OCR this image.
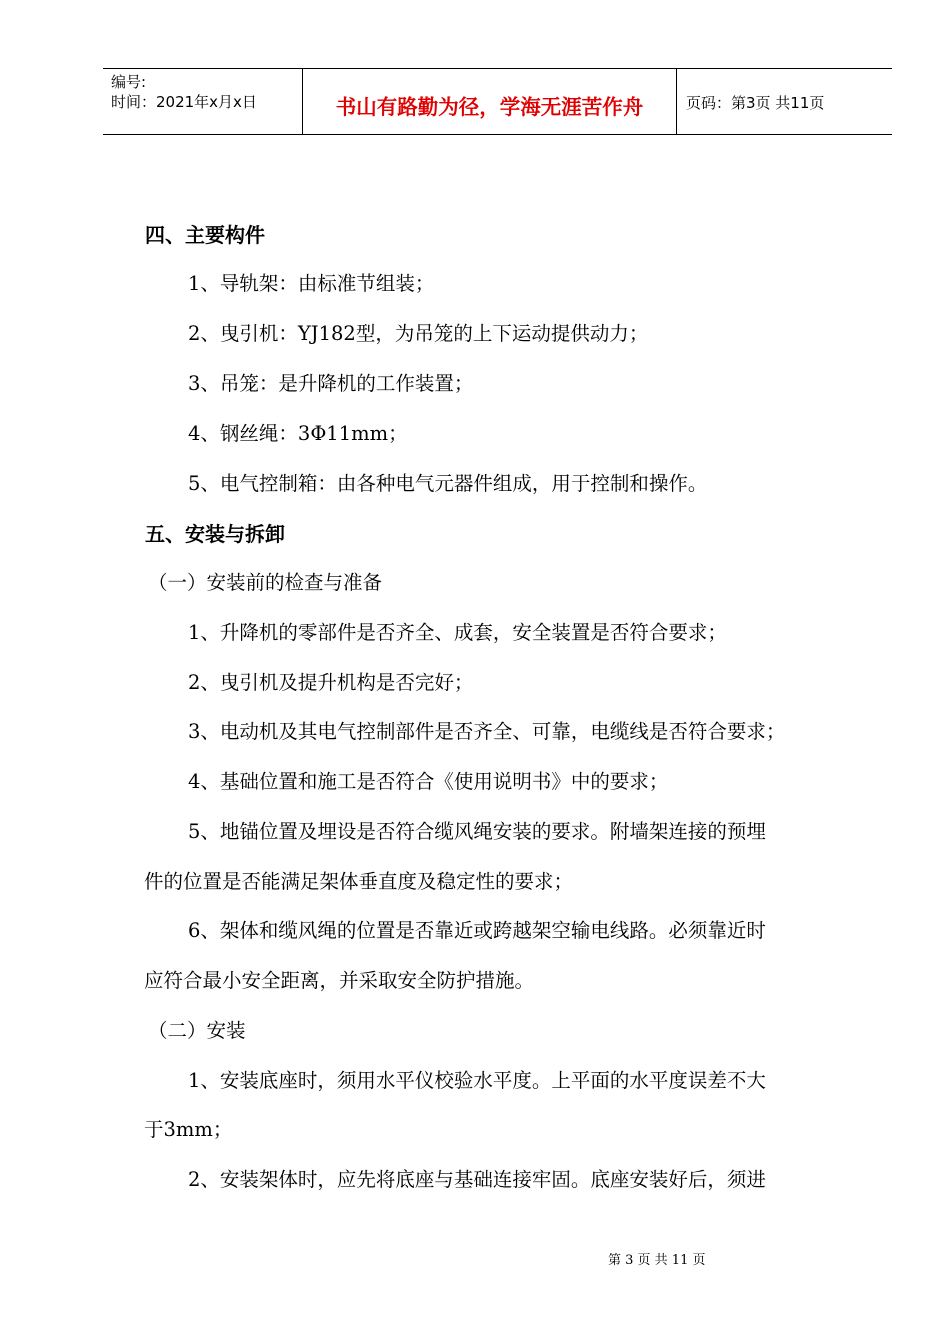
编号:
时间：2021年x月x日	书山有路勤为径，学海无涯苦作舟	页码：第3页 共11页
四、主要构件
1、导轨架：由标准节组装；
2、曳引机：YJ182型，为吊笼的上下运动提供动力；
3、吊笼：是升降机的工作装置；
4、钢丝绳：3Φ11mm；
5、电气控制箱：由各种电气元器件组成，用于控制和操作。
五、安装与拆卸
（一）安装前的检查与准备
1、升降机的零部件是否齐全、成套，安全装置是否符合要求；
2、曳引机及提升机构是否完好；
3、电动机及其电气控制部件是否齐全、可靠，电缆线是否符合要求；
4、基础位置和施工是否符合《使用说明书》中的要求；
5、地锚位置及埋设是否符合缆风绳安装的要求。附墙架连接的预埋
件的位置是否能满足架体垂直度及稳定性的要求；
6、架体和缆风绳的位置是否靠近或跨越架空输电线路。必须靠近时
应符合最小安全距离，并采取安全防护措施。
（二）安装
1、安装底座时，须用水平仪校验水平度。上平面的水平度误差不大
于3mm；
2、安装架体时，应先将底座与基础连接牢固。底座安装好后，须进
第 3 页 共 11 页
